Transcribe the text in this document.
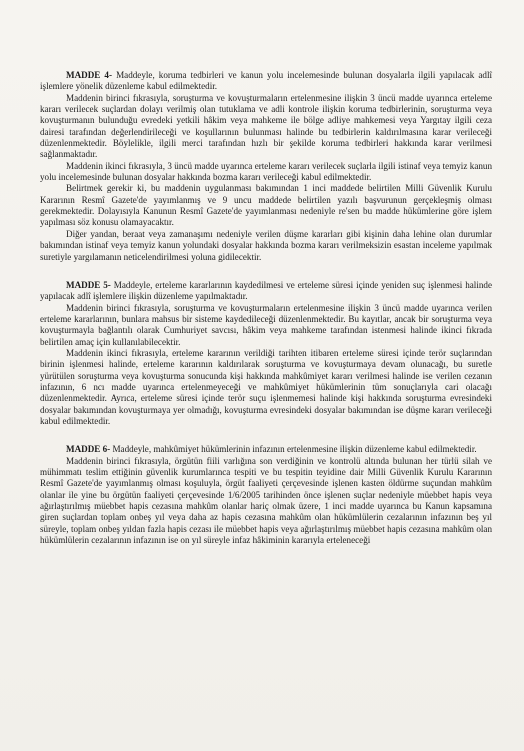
MADDE 4- Maddeyle, koruma tedbirleri ve kanun yolu incelemesinde bulunan dosyalarla ilgili yapılacak adlî işlemlere yönelik düzenleme kabul edilmektedir.

Maddenin birinci fıkrasıyla, soruşturma ve kovuşturmaların ertelenmesine ilişkin 3 üncü madde uyarınca erteleme kararı verilecek suçlardan dolayı verilmiş olan tutuklama ve adli kontrole ilişkin koruma tedbirlerinin, soruşturma veya kovuşturmanın bulunduğu evredeki yetkili hâkim veya mahkeme ile bölge adliye mahkemesi veya Yargıtay ilgili ceza dairesi tarafından değerlendirileceği ve koşullarının bulunması halinde bu tedbirlerin kaldırılmasına karar verileceği düzenlenmektedir. Böylelikle, ilgili merci tarafından hızlı bir şekilde koruma tedbirleri hakkında karar verilmesi sağlanmaktadır.

Maddenin ikinci fıkrasıyla, 3 üncü madde uyarınca erteleme kararı verilecek suçlarla ilgili istinaf veya temyiz kanun yolu incelemesinde bulunan dosyalar hakkında bozma kararı verileceği kabul edilmektedir.

Belirtmek gerekir ki, bu maddenin uygulanması bakımından 1 inci maddede belirtilen Milli Güvenlik Kurulu Kararının Resmî Gazete'de yayımlanmış ve 9 uncu maddede belirtilen yazılı başvurunun gerçekleşmiş olması gerekmektedir. Dolayısıyla Kanunun Resmî Gazete'de yayımlanması nedeniyle re'sen bu madde hükümlerine göre işlem yapılması söz konusu olamayacaktır.

Diğer yandan, beraat veya zamanaşımı nedeniyle verilen düşme kararları gibi kişinin daha lehine olan durumlar bakımından istinaf veya temyiz kanun yolundaki dosyalar hakkında bozma kararı verilmeksizin esastan inceleme yapılmak suretiyle yargılamanın neticelendirilmesi yoluna gidilecektir.

MADDE 5- Maddeyle, erteleme kararlarının kaydedilmesi ve erteleme süresi içinde yeniden suç işlenmesi halinde yapılacak adlî işlemlere ilişkin düzenleme yapılmaktadır.

Maddenin birinci fıkrasıyla, soruşturma ve kovuşturmaların ertelenmesine ilişkin 3 üncü madde uyarınca verilen erteleme kararlarının, bunlara mahsus bir sisteme kaydedileceği düzenlenmektedir. Bu kayıtlar, ancak bir soruşturma veya kovuşturmayla bağlantılı olarak Cumhuriyet savcısı, hâkim veya mahkeme tarafından istenmesi halinde ikinci fıkrada belirtilen amaç için kullanılabilecektir.

Maddenin ikinci fıkrasıyla, erteleme kararının verildiği tarihten itibaren erteleme süresi içinde terör suçlarından birinin işlenmesi halinde, erteleme kararının kaldırılarak soruşturma ve kovuşturmaya devam olunacağı, bu suretle yürütülen soruşturma veya kovuşturma sonucunda kişi hakkında mahkûmiyet kararı verilmesi halinde ise verilen cezanın infazının, 6 ncı madde uyarınca ertelenmeyeceği ve mahkûmiyet hükümlerinin tüm sonuçlarıyla cari olacağı düzenlenmektedir. Ayrıca, erteleme süresi içinde terör suçu işlenmemesi halinde kişi hakkında soruşturma evresindeki dosyalar bakımından kovuşturmaya yer olmadığı, kovuşturma evresindeki dosyalar bakımından ise düşme kararı verileceği kabul edilmektedir.

MADDE 6- Maddeyle, mahkûmiyet hükümlerinin infazının ertelenmesine ilişkin düzenleme kabul edilmektedir.

Maddenin birinci fıkrasıyla, örgütün fiili varlığına son verdiğinin ve kontrolü altında bulunan her türlü silah ve mühimmatı teslim ettiğinin güvenlik kurumlarınca tespiti ve bu tespitin teyidine dair Milli Güvenlik Kurulu Kararının Resmî Gazete'de yayımlanmış olması koşuluyla, örgüt faaliyeti çerçevesinde işlenen kasten öldürme suçundan mahkûm olanlar ile yine bu örgütün faaliyeti çerçevesinde 1/6/2005 tarihinden önce işlenen suçlar nedeniyle müebbet hapis veya ağırlaştırılmış müebbet hapis cezasına mahkûm olanlar hariç olmak üzere, 1 inci madde uyarınca bu Kanun kapsamına giren suçlardan toplam onbeş yıl veya daha az hapis cezasına mahkûm olan hükümlülerin cezalarının infazının beş yıl süreyle, toplam onbeş yıldan fazla hapis cezası ile müebbet hapis veya ağırlaştırılmış müebbet hapis cezasına mahkûm olan hükümlülerin cezalarının infazının ise on yıl süreyle infaz hâkiminin kararıyla erteleneceği
